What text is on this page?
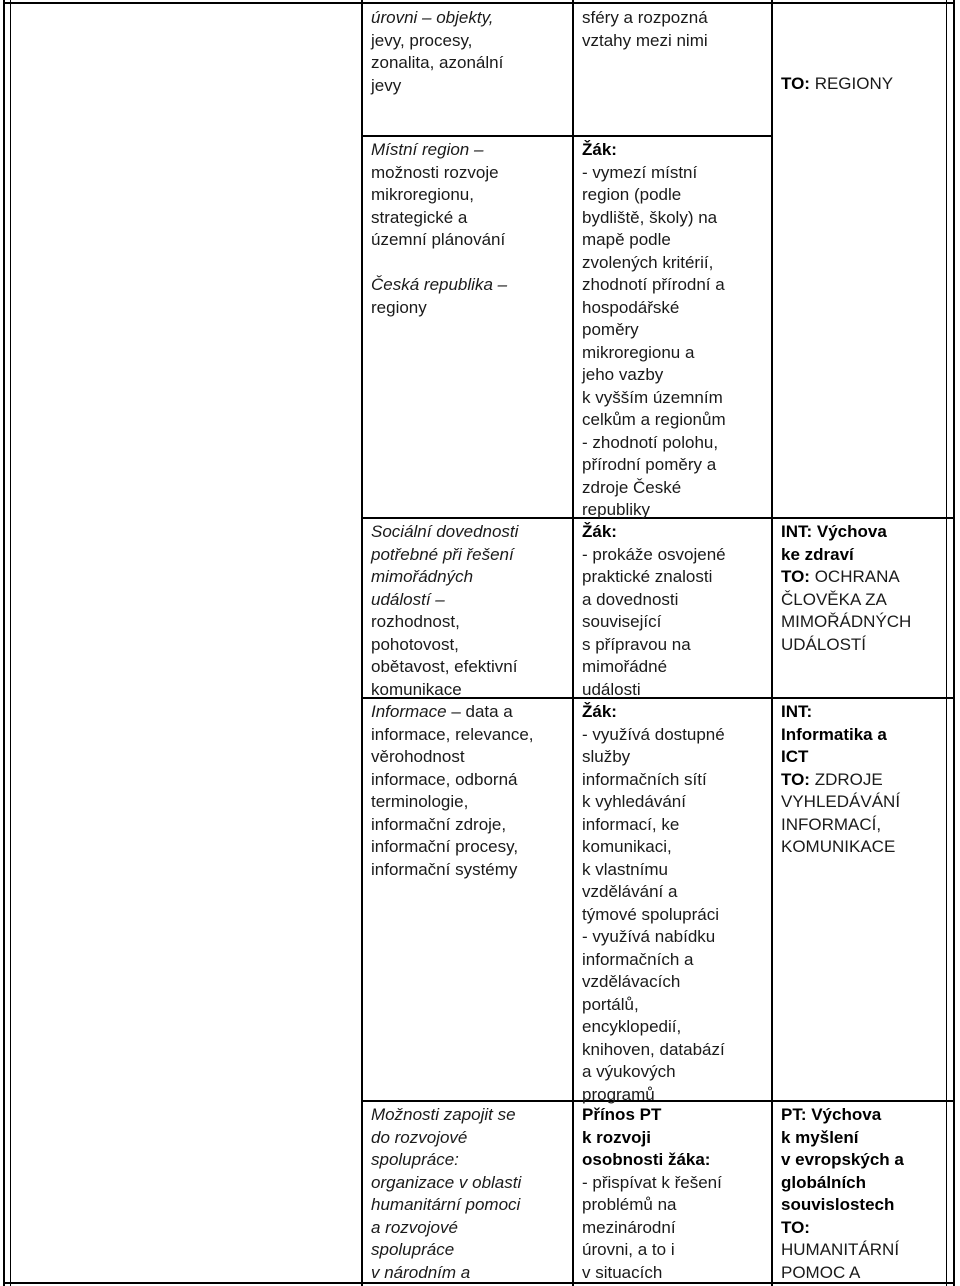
úrovni – objekty,
jevy, procesy,
zonalita, azonální
jevy
sféry a rozpozná
vztahy mezi nimi
TO: REGIONY
Místní region –
možnosti rozvoje
mikroregionu,
strategické a
územní plánování

Česká republika –
regiony
Žák:
- vymezí místní
region (podle
bydliště, školy) na
mapě podle
zvolených kritérií,
zhodnotí přírodní a
hospodářské
poměry
mikroregionu a
jeho vazby
k vyšším územním
celkům a regionům
- zhodnotí polohu,
přírodní poměry a
zdroje České
republiky
Sociální dovednosti
potřebné při řešení
mimořádných
událostí –
rozhodnost,
pohotovost,
obětavost, efektivní
komunikace
Žák:
- prokáže osvojené
praktické znalosti
a dovednosti
související
s přípravou na
mimořádné
události
INT: Výchova
ke zdraví
TO: OCHRANA
ČLOVĚKA ZA
MIMOŘÁDNÝCH
UDÁLOSTÍ
Informace – data a
informace, relevance,
věrohodnost
informace, odborná
terminologie,
informační zdroje,
informační procesy,
informační systémy
Žák:
- využívá dostupné
služby
informačních sítí
k vyhledávání
informací, ke
komunikaci,
k vlastnímu
vzdělávání a
týmové spolupráci
- využívá nabídku
informačních a
vzdělávacích
portálů,
encyklopedií,
knihoven, databází
a výukových
programů
INT:
Informatika a
ICT
TO: ZDROJE
VYHLEDÁVÁNÍ
INFORMACÍ,
KOMUNIKACE
Možnosti zapojit se
do rozvojové
spolupráce:
organizace v oblasti
humanitární pomoci
a rozvojové
spolupráce
v národním a
Přínos PT
k rozvoji
osobnosti žáka:
- přispívat k řešení
problémů na
mezinárodní
úrovni, a to i
v situacích
PT: Výchova
k myšlení
v evropských a
globálních
souvislostech
TO:
HUMANITÁRNÍ
POMOC A
